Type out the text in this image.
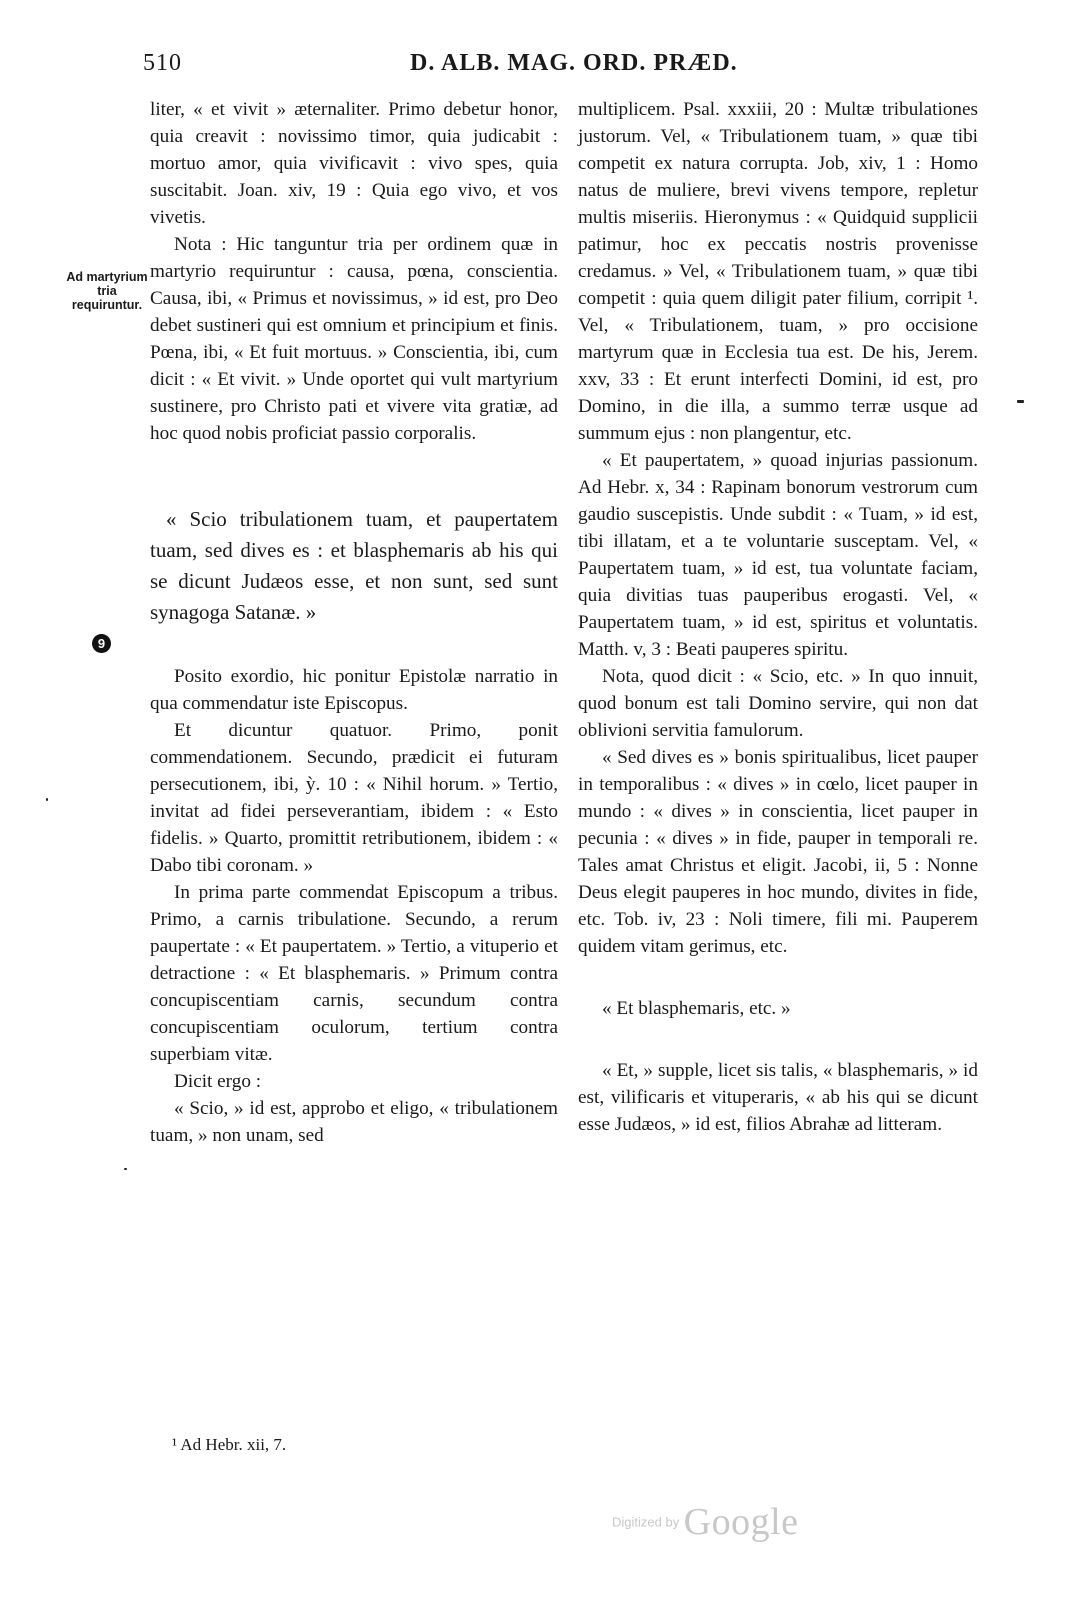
510	D. ALB. MAG. ORD. PRÆD.
Ad martyrium tria requiruntur.
9

liter, « et vivit » æternaliter. Primo debetur honor, quia creavit : novissimo timor, quia judicabit : mortuo amor, quia vivificavit : vivo spes, quia suscitabit. Joan. xiv, 19 : Quia ego vivo, et vos vivetis.

Nota : Hic tanguntur tria per ordinem quæ in martyrio requiruntur : causa, pœna, conscientia. Causa, ibi, « Primus et novissimus, » id est, pro Deo debet sustineri qui est omnium et principium et finis. Pœna, ibi, « Et fuit mortuus. » Conscientia, ibi, cum dicit : « Et vivit. » Unde oportet qui vult martyrium sustinere, pro Christo pati et vivere vita gratiæ, ad hoc quod nobis proficiat passio corporalis.

« Scio tribulationem tuam, et paupertatem tuam, sed dives es : et blasphemaris ab his qui se dicunt Judæos esse, et non sunt, sed sunt synagoga Satanæ. »

Posito exordio, hic ponitur Epistolæ narratio in qua commendatur iste Episcopus.

Et dicuntur quatuor. Primo, ponit commendationem. Secundo, prædicit ei futuram persecutionem, ibi, ỳ. 10 : « Nihil horum. » Tertio, invitat ad fidei perseverantiam, ibidem : « Esto fidelis. » Quarto, promittit retributionem, ibidem : « Dabo tibi coronam. »

In prima parte commendat Episcopum a tribus. Primo, a carnis tribulatione. Secundo, a rerum paupertate : « Et paupertatem. » Tertio, a vituperio et detractione : « Et blasphemaris. » Primum contra concupiscentiam carnis, secundum contra concupiscentiam oculorum, tertium contra superbiam vitæ.

Dicit ergo :

« Scio, » id est, approbo et eligo, « tribulationem tuam, » non unam, sed

multiplicem. Psal. xxxiii, 20 : Multæ tribulationes justorum. Vel, « Tribulationem tuam, » quæ tibi competit ex natura corrupta. Job, xiv, 1 : Homo natus de muliere, brevi vivens tempore, repletur multis miseriis. Hieronymus : « Quidquid supplicii patimur, hoc ex peccatis nostris provenisse credamus. » Vel, « Tribulationem tuam, » quæ tibi competit : quia quem diligit pater filium, corripit ¹. Vel, « Tribulationem, tuam, » pro occisione martyrum quæ in Ecclesia tua est. De his, Jerem. xxv, 33 : Et erunt interfecti Domini, id est, pro Domino, in die illa, a summo terræ usque ad summum ejus : non plangentur, etc.

« Et paupertatem, » quoad injurias passionum. Ad Hebr. x, 34 : Rapinam bonorum vestrorum cum gaudio suscepistis. Unde subdit : « Tuam, » id est, tibi illatam, et a te voluntarie susceptam. Vel, « Paupertatem tuam, » id est, tua voluntate faciam, quia divitias tuas pauperibus erogasti. Vel, « Paupertatem tuam, » id est, spiritus et voluntatis. Matth. v, 3 : Beati pauperes spiritu.

Nota, quod dicit : « Scio, etc. » In quo innuit, quod bonum est tali Domino servire, qui non dat oblivioni servitia famulorum.

« Sed dives es » bonis spiritualibus, licet pauper in temporalibus : « dives » in cœlo, licet pauper in mundo : « dives » in conscientia, licet pauper in pecunia : « dives » in fide, pauper in temporali re. Tales amat Christus et eligit. Jacobi, ii, 5 : Nonne Deus elegit pauperes in hoc mundo, divites in fide, etc. Tob. iv, 23 : Noli timere, fili mi. Pauperem quidem vitam gerimus, etc.

« Et blasphemaris, etc. »

« Et, » supple, licet sis talis, « blasphemaris, » id est, vilificaris et vituperaris, « ab his qui se dicunt esse Judæos, » id est, filios Abrahæ ad litteram.

¹ Ad Hebr. xii, 7.
Digitized by Google
